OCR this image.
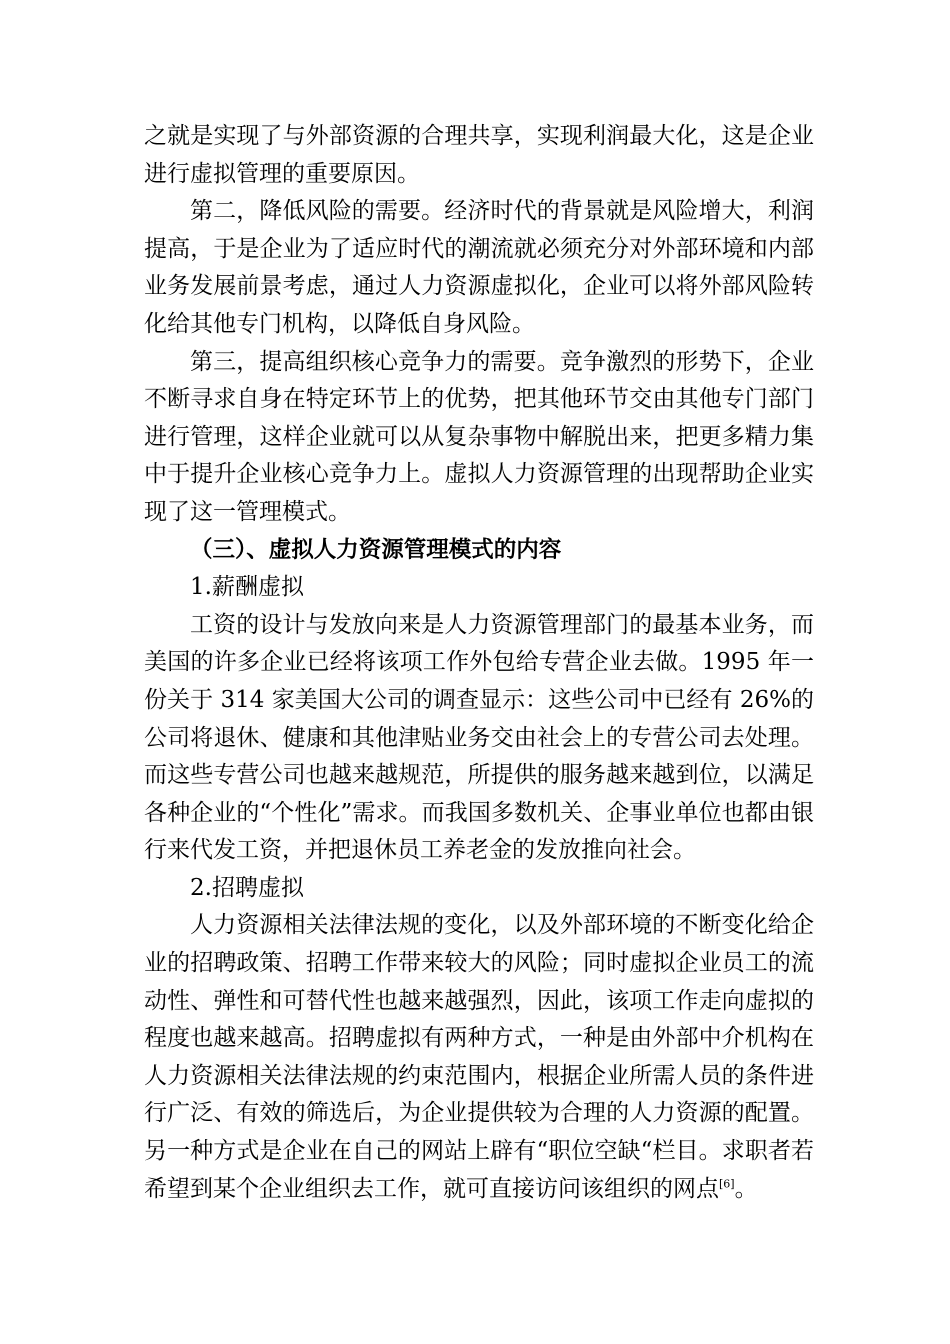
之就是实现了与外部资源的合理共享，实现利润最大化，这是企业进行虚拟管理的重要原因。

第二，降低风险的需要。经济时代的背景就是风险增大，利润提高，于是企业为了适应时代的潮流就必须充分对外部环境和内部业务发展前景考虑，通过人力资源虚拟化，企业可以将外部风险转化给其他专门机构，以降低自身风险。

第三，提高组织核心竞争力的需要。竞争激烈的形势下，企业不断寻求自身在特定环节上的优势，把其他环节交由其他专门部门进行管理，这样企业就可以从复杂事物中解脱出来，把更多精力集中于提升企业核心竞争力上。虚拟人力资源管理的出现帮助企业实现了这一管理模式。

（三）、虚拟人力资源管理模式的内容

1.薪酬虚拟

工资的设计与发放向来是人力资源管理部门的最基本业务，而美国的许多企业已经将该项工作外包给专营企业去做。1995 年一份关于 314 家美国大公司的调查显示：这些公司中已经有 26%的公司将退休、健康和其他津贴业务交由社会上的专营公司去处理。而这些专营公司也越来越规范，所提供的服务越来越到位，以满足各种企业的“个性化”需求。而我国多数机关、企事业单位也都由银行来代发工资，并把退休员工养老金的发放推向社会。

2.招聘虚拟

人力资源相关法律法规的变化，以及外部环境的不断变化给企业的招聘政策、招聘工作带来较大的风险；同时虚拟企业员工的流动性、弹性和可替代性也越来越强烈，因此，该项工作走向虚拟的程度也越来越高。招聘虚拟有两种方式，一种是由外部中介机构在人力资源相关法律法规的约束范围内，根据企业所需人员的条件进行广泛、有效的筛选后，为企业提供较为合理的人力资源的配置。另一种方式是企业在自己的网站上辟有“职位空缺“栏目。求职者若希望到某个企业组织去工作，就可直接访问该组织的网点[6]。
